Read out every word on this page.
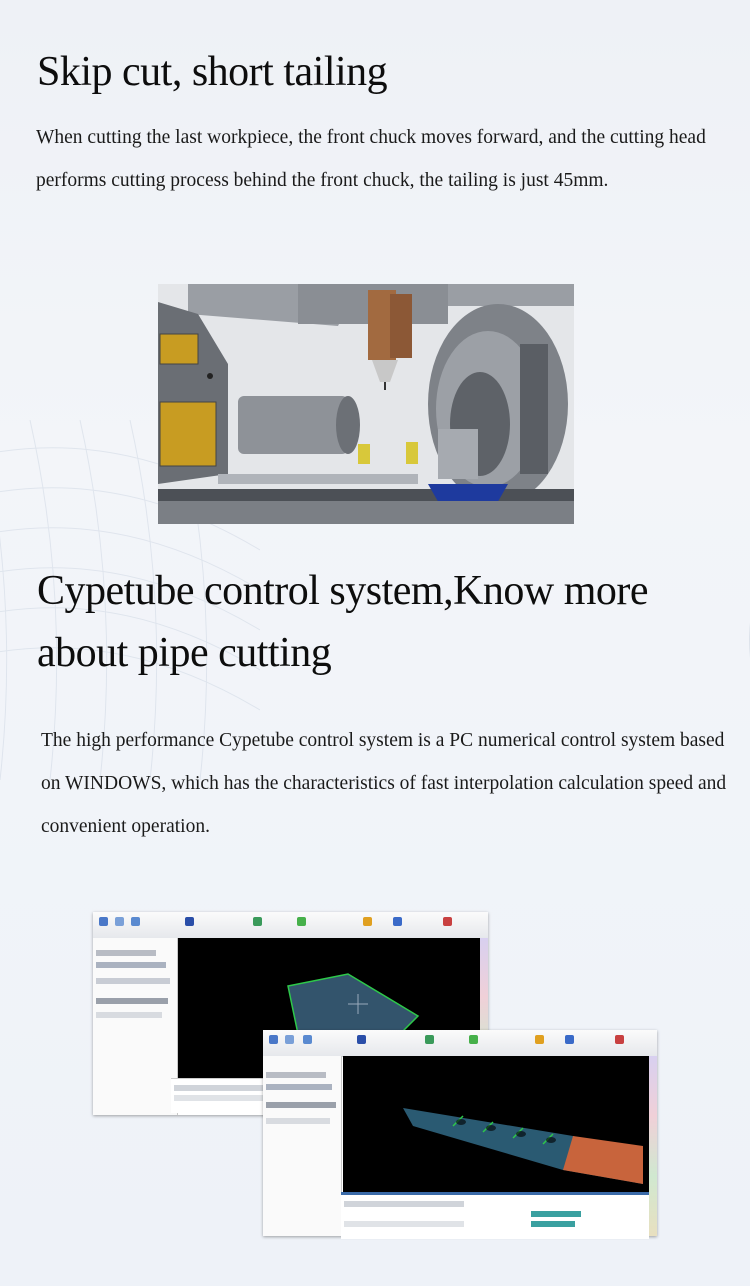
Skip cut, short tailing

When cutting the last workpiece, the front chuck moves forward, and the cutting head performs cutting process behind the front chuck, the tailing is just 45mm.

Cypetube control system,Know more about pipe cutting

The high performance Cypetube control system is a PC numerical control system based on WINDOWS, which has the characteristics of fast interpolation calculation speed and convenient operation.
